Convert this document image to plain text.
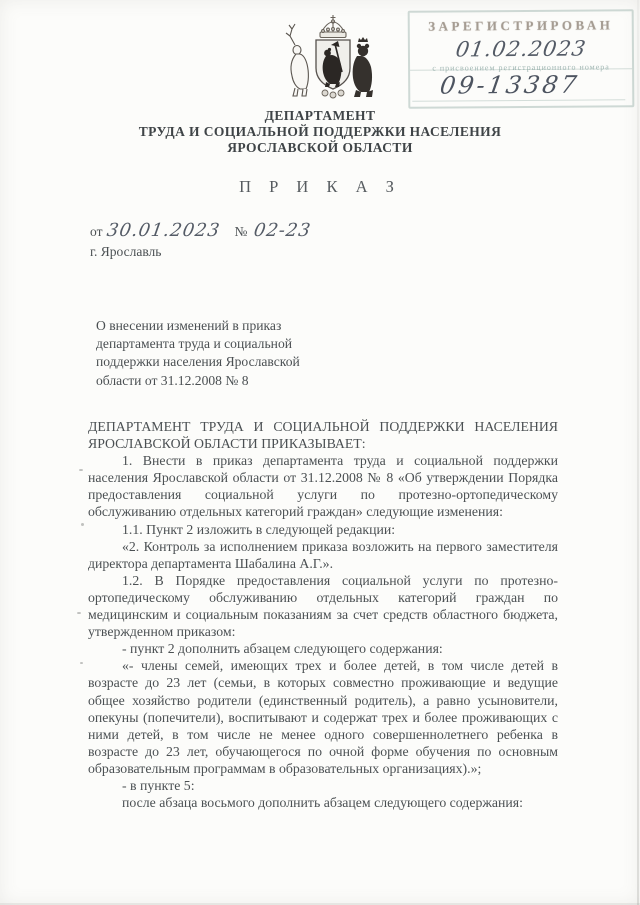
ЗАРЕГИСТРИРОВАН
01.02.2023
с присвоением регистрационного номера
09-13387
ДЕПАРТАМЕНТ
ТРУДА И СОЦИАЛЬНОЙ ПОДДЕРЖКИ НАСЕЛЕНИЯ
ЯРОСЛАВСКОЙ ОБЛАСТИ
П Р И К А З
от 30.01.2023 № 02-23
г. Ярославль
О внесении изменений в приказ
департамента труда и социальной
поддержки населения Ярославской
области от 31.12.2008 № 8

ДЕПАРТАМЕНТ ТРУДА И СОЦИАЛЬНОЙ ПОДДЕРЖКИ НАСЕЛЕНИЯ ЯРОСЛАВСКОЙ ОБЛАСТИ ПРИКАЗЫВАЕТ:

1. Внести в приказ департамента труда и социальной поддержки населения Ярославской области от 31.12.2008 № 8 «Об утверждении Порядка предоставления социальной услуги по протезно-ортопедическому обслуживанию отдельных категорий граждан» следующие изменения:

1.1. Пункт 2 изложить в следующей редакции:

«2. Контроль за исполнением приказа возложить на первого заместителя директора департамента Шабалина А.Г.».

1.2. В Порядке предоставления социальной услуги по протезно-ортопедическому обслуживанию отдельных категорий граждан по медицинским и социальным показаниям за счет средств областного бюджета, утвержденном приказом:

- пункт 2 дополнить абзацем следующего содержания:

«- члены семей, имеющих трех и более детей, в том числе детей в возрасте до 23 лет (семьи, в которых совместно проживающие и ведущие общее хозяйство родители (единственный родитель), а равно усыновители, опекуны (попечители), воспитывают и содержат трех и более проживающих с ними детей, в том числе не менее одного совершеннолетнего ребенка в возрасте до 23 лет, обучающегося по очной форме обучения по основным образовательным программам в образовательных организациях).»;

- в пункте 5:

после абзаца восьмого дополнить абзацем следующего содержания:
